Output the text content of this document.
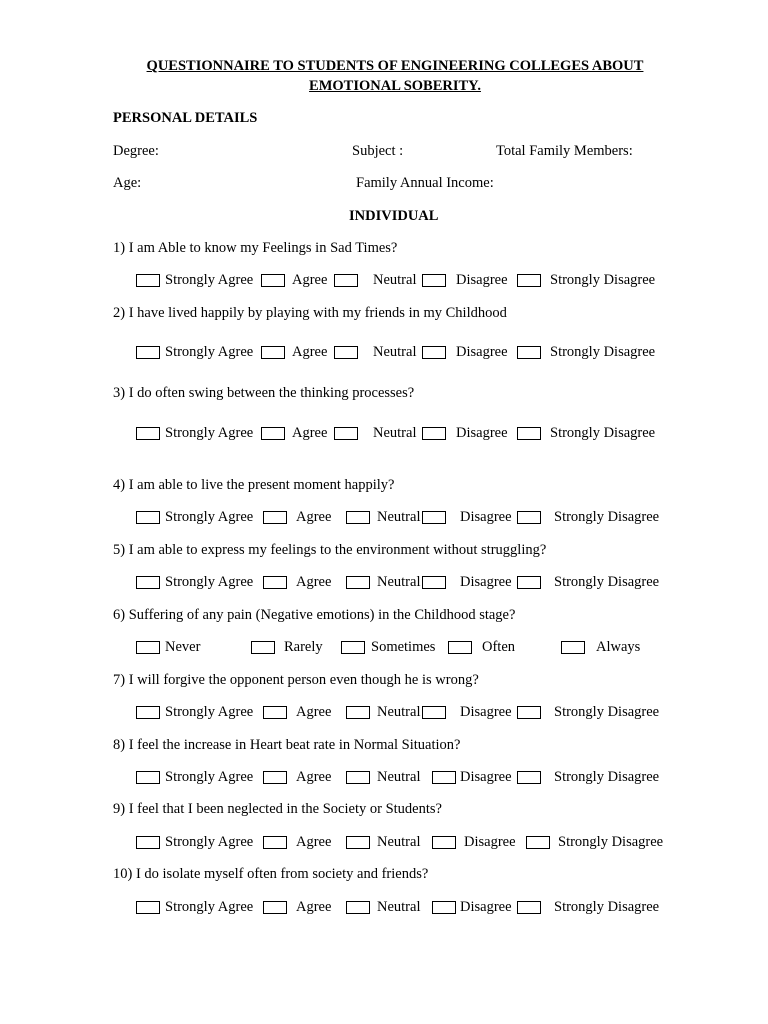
QUESTIONNAIRE TO STUDENTS OF ENGINEERING COLLEGES ABOUT
EMOTIONAL SOBERITY.
PERSONAL DETAILS
Degree:	Subject :	Total Family Members:
Age:	Family Annual Income:
INDIVIDUAL
1) I am Able to know my Feelings in Sad Times?
Strongly Agree	Agree	Neutral	Disagree	Strongly Disagree
2) I have lived happily by playing with my friends in my Childhood
Strongly Agree	Agree	Neutral	Disagree	Strongly Disagree
3) I do often swing between the thinking processes?
Strongly Agree	Agree	Neutral	Disagree	Strongly Disagree
4) I am able to live the present moment happily?
Strongly Agree	Agree	Neutral	Disagree	Strongly Disagree
5) I am able to express my feelings to the environment without struggling?
Strongly Agree	Agree	Neutral	Disagree	Strongly Disagree
6) Suffering of any pain (Negative emotions) in the Childhood stage?
Never	Rarely	Sometimes	Often	Always
7) I will forgive the opponent person even though he is wrong?
Strongly Agree	Agree	Neutral	Disagree	Strongly Disagree
8) I feel the increase in Heart beat rate in Normal Situation?
Strongly Agree	Agree	Neutral	Disagree	Strongly Disagree
9) I feel that I been neglected in the Society or Students?
Strongly Agree	Agree	Neutral	Disagree	Strongly Disagree
10) I do isolate myself often from society and friends?
Strongly Agree	Agree	Neutral	Disagree	Strongly Disagree
